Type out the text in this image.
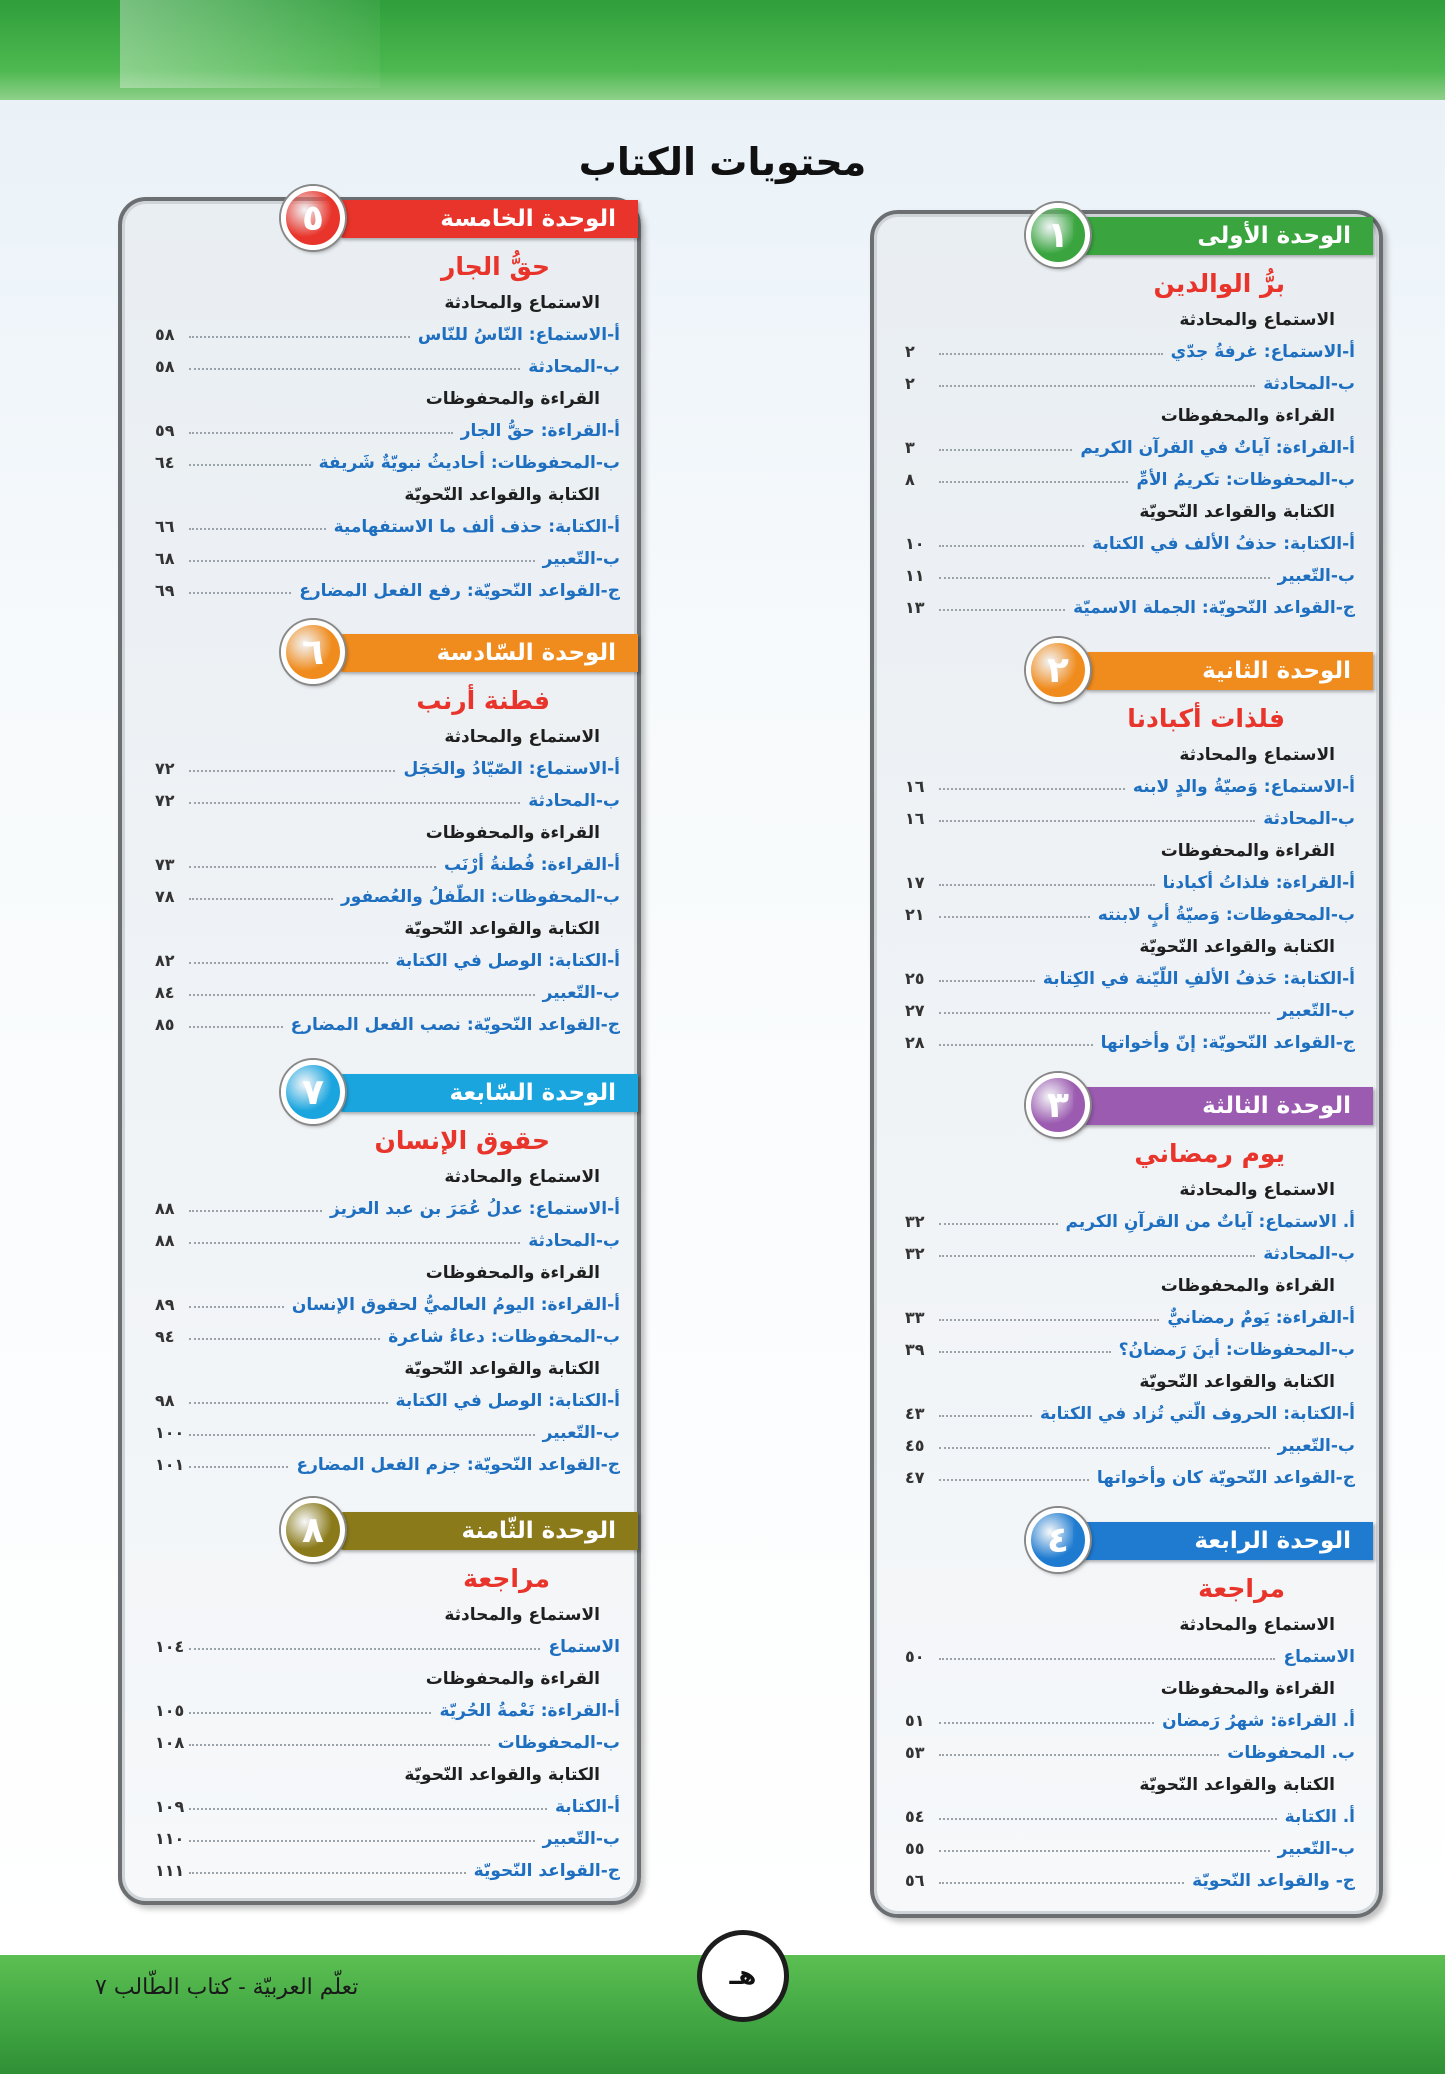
محتويات الكتاب
الوحدة الأولى
١
برُّ الوالدين
الاستماع والمحادثة
أ-الاستماع: غرفةُ جدّي
٢
ب-المحادثة
٢
القراءة والمحفوظات
أ-القراءة: آياتٌ في القرآن الكريم
٣
ب-المحفوظات: تكريمُ الأمِّ
٨
الكتابة والقواعد النّحويّة
أ-الكتابة: حذفُ الألف في الكتابة
١٠
ب-التّعبير
١١
ج-القواعد النّحويّة: الجملة الاسميّة
١٣
الوحدة الثانية
٢
فلذات أكبادنا
الاستماع والمحادثة
أ-الاستماع: وَصيّةُ والدٍ لابنه
١٦
ب-المحادثة
١٦
القراءة والمحفوظات
أ-القراءة: فلذاتُ أكبادنا
١٧
ب-المحفوظات: وَصيّةُ أبٍ لابنته
٢١
الكتابة والقواعد النّحويّة
أ-الكتابة: حَذفُ الألفِ اللّيّنة في الكِتابة
٢٥
ب-التّعبير
٢٧
ج-القواعد النّحويّة: إنّ وأخواتها
٢٨
الوحدة الثالثة
٣
يوم رمضاني
الاستماع والمحادثة
أ. الاستماع: آياتٌ من القرآنِ الكريم
٣٢
ب-المحادثة
٣٢
القراءة والمحفوظات
أ-القراءة: يَومٌ رمضانيٌّ
٣٣
ب-المحفوظات: أينَ رَمضانُ؟
٣٩
الكتابة والقواعد النّحويّة
أ-الكتابة: الحروف الّتي تُزاد في الكتابة
٤٣
ب-التّعبير
٤٥
ج-القواعد النّحويّة كان وأخواتها
٤٧
الوحدة الرابعة
٤
مراجعة
الاستماع والمحادثة
الاستماع
٥٠
القراءة والمحفوظات
أ. القراءة: شهرُ رَمضان
٥١
ب. المحفوظات
٥٣
الكتابة والقواعد النّحويّة
أ. الكتابة
٥٤
ب-التّعبير
٥٥
ج- والقواعد النّحويّة
٥٦
الوحدة الخامسة
٥
حقُّ الجار
الاستماع والمحادثة
أ-الاستماع: النّاسُ للنّاس
٥٨
ب-المحادثة
٥٨
القراءة والمحفوظات
أ-القراءة: حقُّ الجار
٥٩
ب-المحفوظات: أحاديثُ نبويّةٌ شَريفة
٦٤
الكتابة والقواعد النّحويّة
أ-الكتابة: حذف ألف ما الاستفهامية
٦٦
ب-التّعبير
٦٨
ج-القواعد النّحويّة: رفع الفعل المضارع
٦٩
الوحدة السّادسة
٦
فطنة أرنب
الاستماع والمحادثة
أ-الاستماع: الصّيّادُ والحَجَل
٧٢
ب-المحادثة
٧٢
القراءة والمحفوظات
أ-القراءة: فُطنةُ أرْنَب
٧٣
ب-المحفوظات: الطّفلُ والعُصفور
٧٨
الكتابة والقواعد النّحويّة
أ-الكتابة: الوصل في الكتابة
٨٢
ب-التّعبير
٨٤
ج-القواعد النّحويّة: نصب الفعل المضارع
٨٥
الوحدة السّابعة
٧
حقوق الإنسان
الاستماع والمحادثة
أ-الاستماع: عدلُ عُمَرَ بن عبد العزيز
٨٨
ب-المحادثة
٨٨
القراءة والمحفوظات
أ-القراءة: اليومُ العالميُّ لحقوق الإنسان
٨٩
ب-المحفوظات: دعاءُ شاعرة
٩٤
الكتابة والقواعد النّحويّة
أ-الكتابة: الوصل في الكتابة
٩٨
ب-التّعبير
١٠٠
ج-القواعد النّحويّة: جزم الفعل المضارع
١٠١
الوحدة الثّامنة
٨
مراجعة
الاستماع والمحادثة
الاستماع
١٠٤
القراءة والمحفوظات
أ-القراءة: نَعْمةُ الحُريّة
١٠٥
ب-المحفوظات
١٠٨
الكتابة والقواعد النّحويّة
أ-الكتابة
١٠٩
ب-التّعبير
١١٠
ج-القواعد النّحويّة
١١١
هـ
تعلّم العربيّة - كتاب الطّالب ٧
